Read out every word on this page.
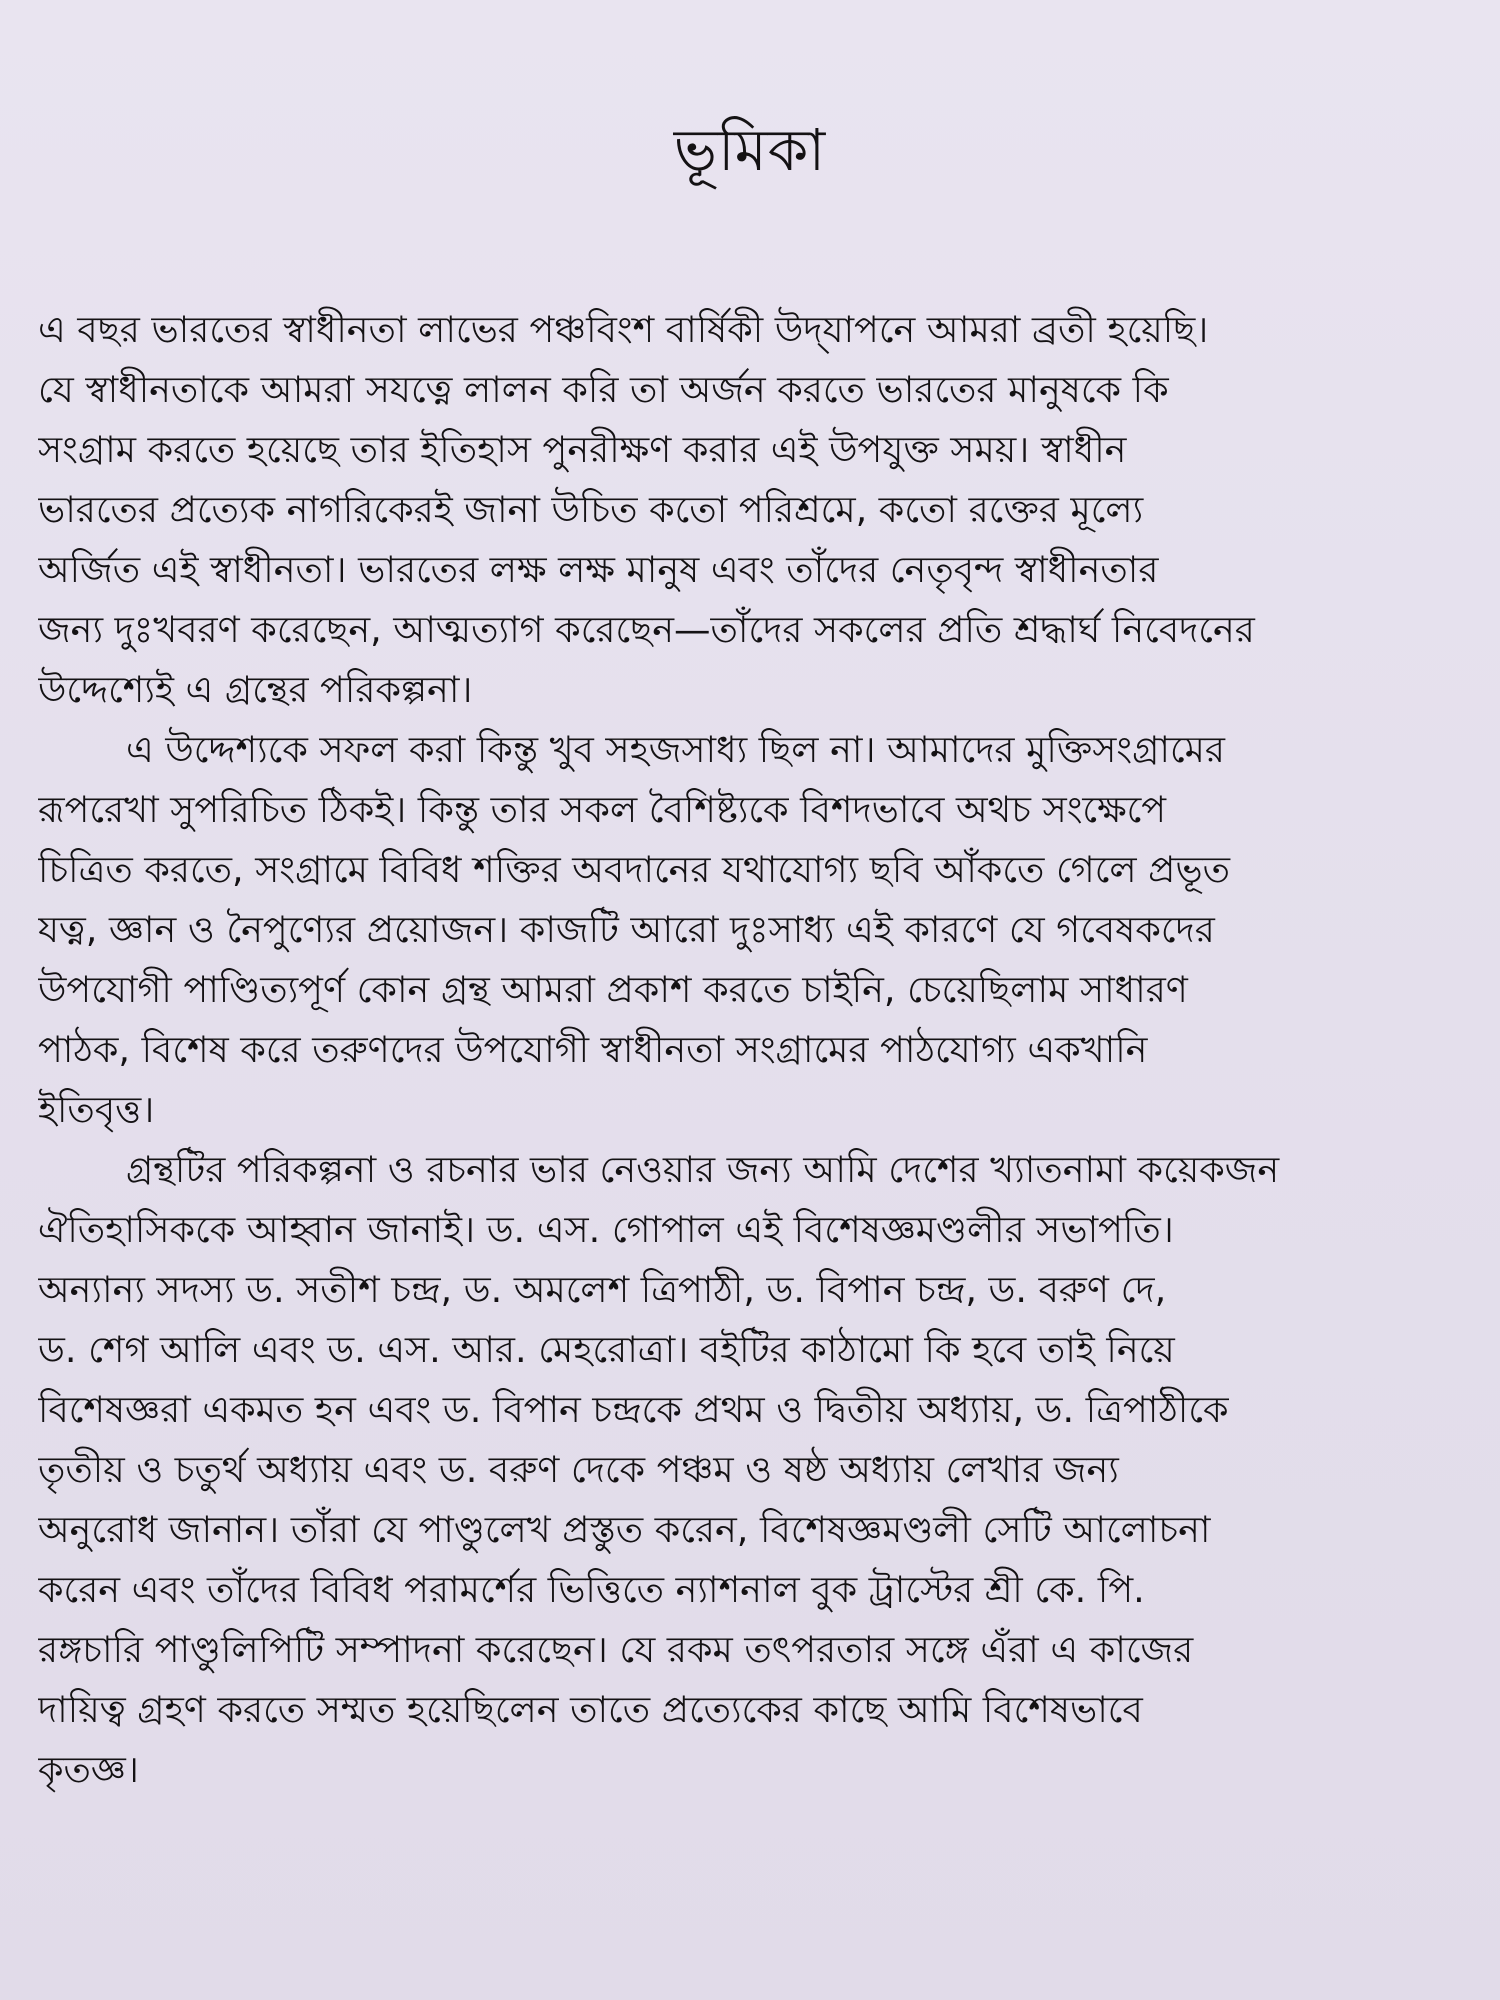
ভূমিকা

এ বছর ভারতের স্বাধীনতা লাভের পঞ্চবিংশ বার্ষিকী উদ্‌যাপনে আমরা ব্রতী হয়েছি।
যে স্বাধীনতাকে আমরা সযত্নে লালন করি তা অর্জন করতে ভারতের মানুষকে কি
সংগ্রাম করতে হয়েছে তার ইতিহাস পুনরীক্ষণ করার এই উপযুক্ত সময়। স্বাধীন
ভারতের প্রত্যেক নাগরিকেরই জানা উচিত কতো পরিশ্রমে, কতো রক্তের মূল্যে
অর্জিত এই স্বাধীনতা। ভারতের লক্ষ লক্ষ মানুষ এবং তাঁদের নেতৃবৃন্দ স্বাধীনতার
জন্য দুঃখবরণ করেছেন, আত্মত্যাগ করেছেন—তাঁদের সকলের প্রতি শ্রদ্ধার্ঘ নিবেদনের
উদ্দেশ্যেই এ গ্রন্থের পরিকল্পনা।

এ উদ্দেশ্যকে সফল করা কিন্তু খুব সহজসাধ্য ছিল না। আমাদের মুক্তিসংগ্রামের
রূপরেখা সুপরিচিত ঠিকই। কিন্তু তার সকল বৈশিষ্ট্যকে বিশদভাবে অথচ সংক্ষেপে
চিত্রিত করতে, সংগ্রামে বিবিধ শক্তির অবদানের যথাযোগ্য ছবি আঁকতে গেলে প্রভূত
যত্ন, জ্ঞান ও নৈপুণ্যের প্রয়োজন। কাজটি আরো দুঃসাধ্য এই কারণে যে গবেষকদের
উপযোগী পাণ্ডিত্যপূর্ণ কোন গ্রন্থ আমরা প্রকাশ করতে চাইনি, চেয়েছিলাম সাধারণ
পাঠক, বিশেষ করে তরুণদের উপযোগী স্বাধীনতা সংগ্রামের পাঠযোগ্য একখানি
ইতিবৃত্ত।

গ্রন্থটির পরিকল্পনা ও রচনার ভার নেওয়ার জন্য আমি দেশের খ্যাতনামা কয়েকজন
ঐতিহাসিককে আহ্বান জানাই। ড. এস. গোপাল এই বিশেষজ্ঞমণ্ডলীর সভাপতি।
অন্যান্য সদস্য ড. সতীশ চন্দ্র, ড. অমলেশ ত্রিপাঠী, ড. বিপান চন্দ্র, ড. বরুণ দে,
ড. শেগ আলি এবং ড. এস. আর. মেহরোত্রা। বইটির কাঠামো কি হবে তাই নিয়ে
বিশেষজ্ঞরা একমত হন এবং ড. বিপান চন্দ্রকে প্রথম ও দ্বিতীয় অধ্যায়, ড. ত্রিপাঠীকে
তৃতীয় ও চতুর্থ অধ্যায় এবং ড. বরুণ দেকে পঞ্চম ও ষষ্ঠ অধ্যায় লেখার জন্য
অনুরোধ জানান। তাঁরা যে পাণ্ডুলেখ প্রস্তুত করেন, বিশেষজ্ঞমণ্ডলী সেটি আলোচনা
করেন এবং তাঁদের বিবিধ পরামর্শের ভিত্তিতে ন্যাশনাল বুক ট্রাস্টের শ্রী কে. পি.
রঙ্গচারি পাণ্ডুলিপিটি সম্পাদনা করেছেন। যে রকম তৎপরতার সঙ্গে এঁরা এ কাজের
দায়িত্ব গ্রহণ করতে সম্মত হয়েছিলেন তাতে প্রত্যেকের কাছে আমি বিশেষভাবে
কৃতজ্ঞ।
